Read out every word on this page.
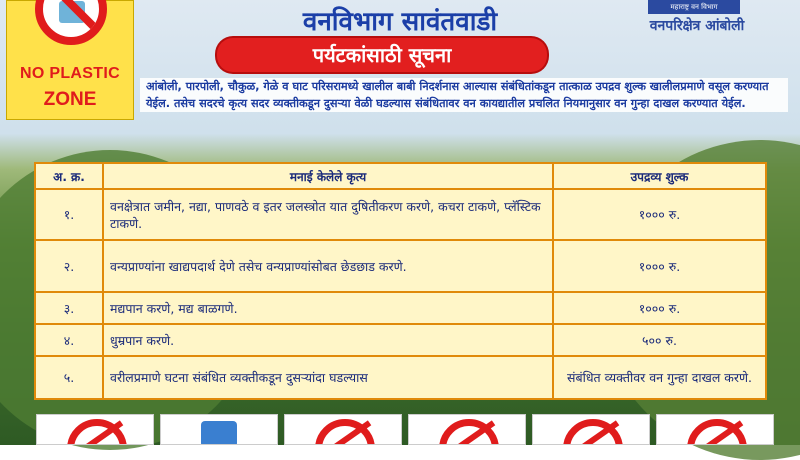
NO PLASTIC
ZONE
वनविभाग सावंतवाडी
पर्यटकांसाठी सूचना
महाराष्ट्र वन विभाग
वनपरिक्षेत्र आंबोली
आंबोली, पारपोली, चौकुळ, गेळे व घाट परिसरामध्ये खालील बाबी निदर्शनास आल्यास संबंधितांकडून तात्काळ उपद्रव शुल्क खालीलप्रमाणे वसूल करण्यात येईल. तसेच सदरचे कृत्य सदर व्यक्तीकडून दुसऱ्या वेळी घडल्यास संबंधितावर वन कायद्यातील प्रचलित नियमानुसार वन गुन्हा दाखल करण्यात येईल.
अ. क्र.	मनाई केलेले कृत्य	उपद्रव्य शुल्क
१.	वनक्षेत्रात जमीन, नद्या, पाणवठे व इतर जलस्त्रोत यात दुषितीकरण करणे, कचरा टाकणे, प्लॅस्टिक टाकणे.	१००० रु.
२.	वन्यप्राण्यांना खाद्यपदार्थ देणे तसेच वन्यप्राण्यांसोबत छेडछाड करणे.	१००० रु.
३.	मद्यपान करणे, मद्य बाळगणे.	१००० रु.
४.	धुम्रपान करणे.	५०० रु.
५.	वरीलप्रमाणे घटना संबंधित व्यक्तीकडून दुसऱ्यांदा घडल्यास	संबंधित व्यक्तीवर वन गुन्हा दाखल करणे.
